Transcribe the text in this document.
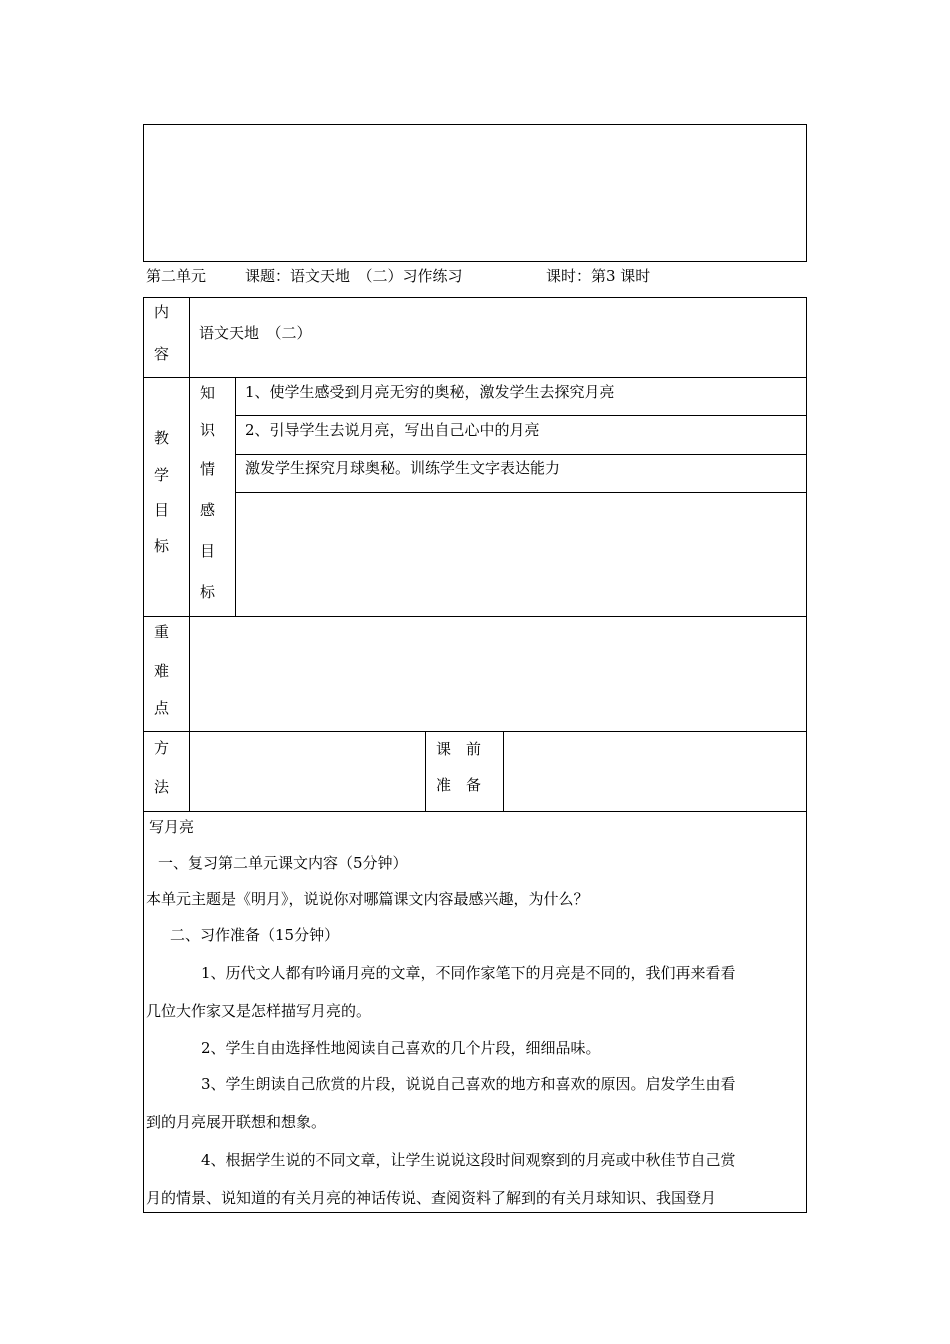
第二单元	课题：语文天地　（二）习作练习	课时：第3 课时
内
容
语文天地　（二）
教
学
目
标
知
识
1、使学生感受到月亮无穷的奥秘，激发学生去探究月亮
2、引导学生去说月亮，写出自己心中的月亮
情
感
目
标
激发学生探究月球奥秘。训练学生文字表达能力
重
难
点
方
法
课　前
准　备
写月亮
一、复习第二单元课文内容（5分钟）
本单元主题是《明月》，说说你对哪篇课文内容最感兴趣，为什么？
二、习作准备（15分钟）
1、历代文人都有吟诵月亮的文章，不同作家笔下的月亮是不同的，我们再来看看
几位大作家又是怎样描写月亮的。
2、学生自由选择性地阅读自己喜欢的几个片段，细细品味。
3、学生朗读自己欣赏的片段，说说自己喜欢的地方和喜欢的原因。启发学生由看
到的月亮展开联想和想象。
4、根据学生说的不同文章，让学生说说这段时间观察到的月亮或中秋佳节自己赏
月的情景、说知道的有关月亮的神话传说、查阅资料了解到的有关月球知识、我国登月
